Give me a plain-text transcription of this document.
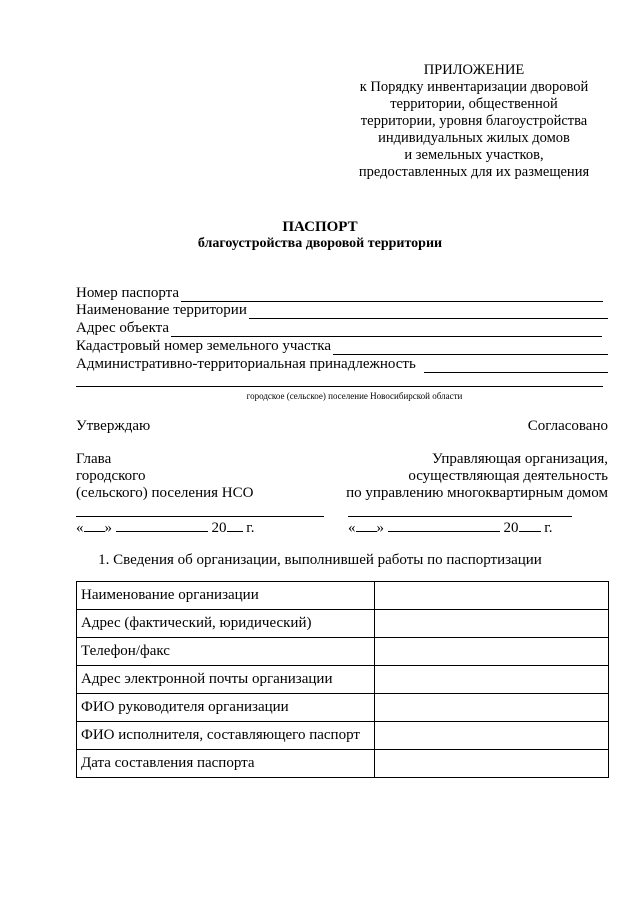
ПРИЛОЖЕНИЕ
к Порядку инвентаризации дворовой
территории, общественной
территории, уровня благоустройства
индивидуальных жилых домов
и земельных участков,
предоставленных для их размещения
ПАСПОРТ
благоустройства дворовой территории
Номер паспорта
Наименование территории
Адрес объекта
Кадастровый номер земельного участка
Административно-территориальная принадлежность
городское (сельское) поселение Новосибирской области
Утверждаю	Согласовано
Глава
городского
(сельского) поселения НСО
Управляющая организация,
осуществляющая деятельность
по управлению многоквартирным домом
« »	20 г.	« »	20 г.
1. Сведения об организации, выполнившей работы по паспортизации
Наименование организации	
Адрес (фактический, юридический)	
Телефон/факс	
Адрес электронной почты организации	
ФИО руководителя организации	
ФИО исполнителя, составляющего паспорт	
Дата составления паспорта	
